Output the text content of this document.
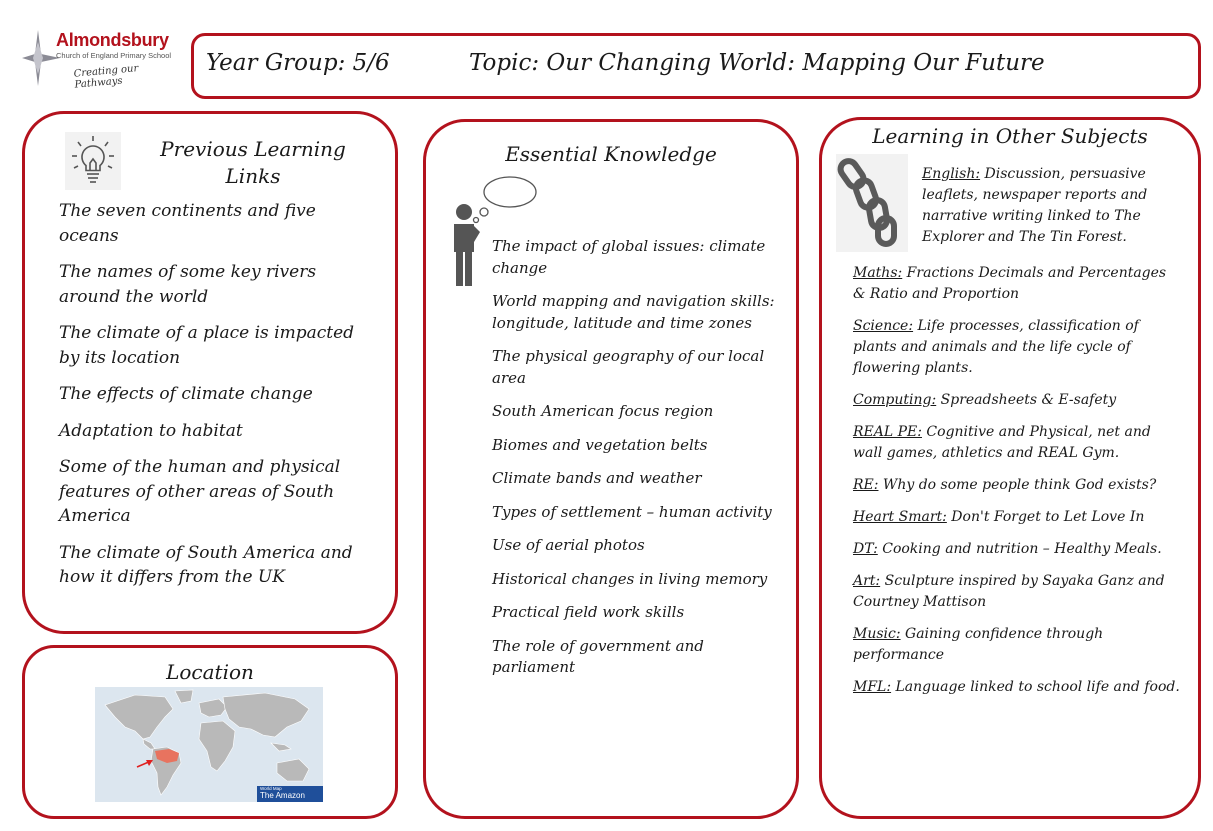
Almondsbury
Church of England Primary School
Creating our Pathways
Year Group: 5/6	Topic: Our Changing World: Mapping Our Future
Previous Learning Links
The seven continents and five oceans
The names of some key rivers around the world
The climate of a place is impacted by its location
The effects of climate change
Adaptation to habitat
Some of the human and physical features of other areas of South America
The climate of South America and how it differs from the UK
Location
World Map
The Amazon
Essential Knowledge
The impact of global issues: climate change
World mapping and navigation skills: longitude, latitude and time zones
The physical geography of our local area
South American focus region
Biomes and vegetation belts
Climate bands and weather
Types of settlement – human activity
Use of aerial photos
Historical changes in living memory
Practical field work skills
The role of government and parliament
Learning in Other Subjects
English: Discussion, persuasive leaflets, newspaper reports and narrative writing linked to The Explorer and The Tin Forest.
Maths: Fractions Decimals and Percentages & Ratio and Proportion
Science: Life processes, classification of plants and animals and the life cycle of flowering plants.
Computing: Spreadsheets & E-safety
REAL PE: Cognitive and Physical, net and wall games, athletics and REAL Gym.
RE: Why do some people think God exists?
Heart Smart: Don't Forget to Let Love In
DT: Cooking and nutrition – Healthy Meals.
Art: Sculpture inspired by Sayaka Ganz and Courtney Mattison
Music: Gaining confidence through performance
MFL: Language linked to school life and food.
